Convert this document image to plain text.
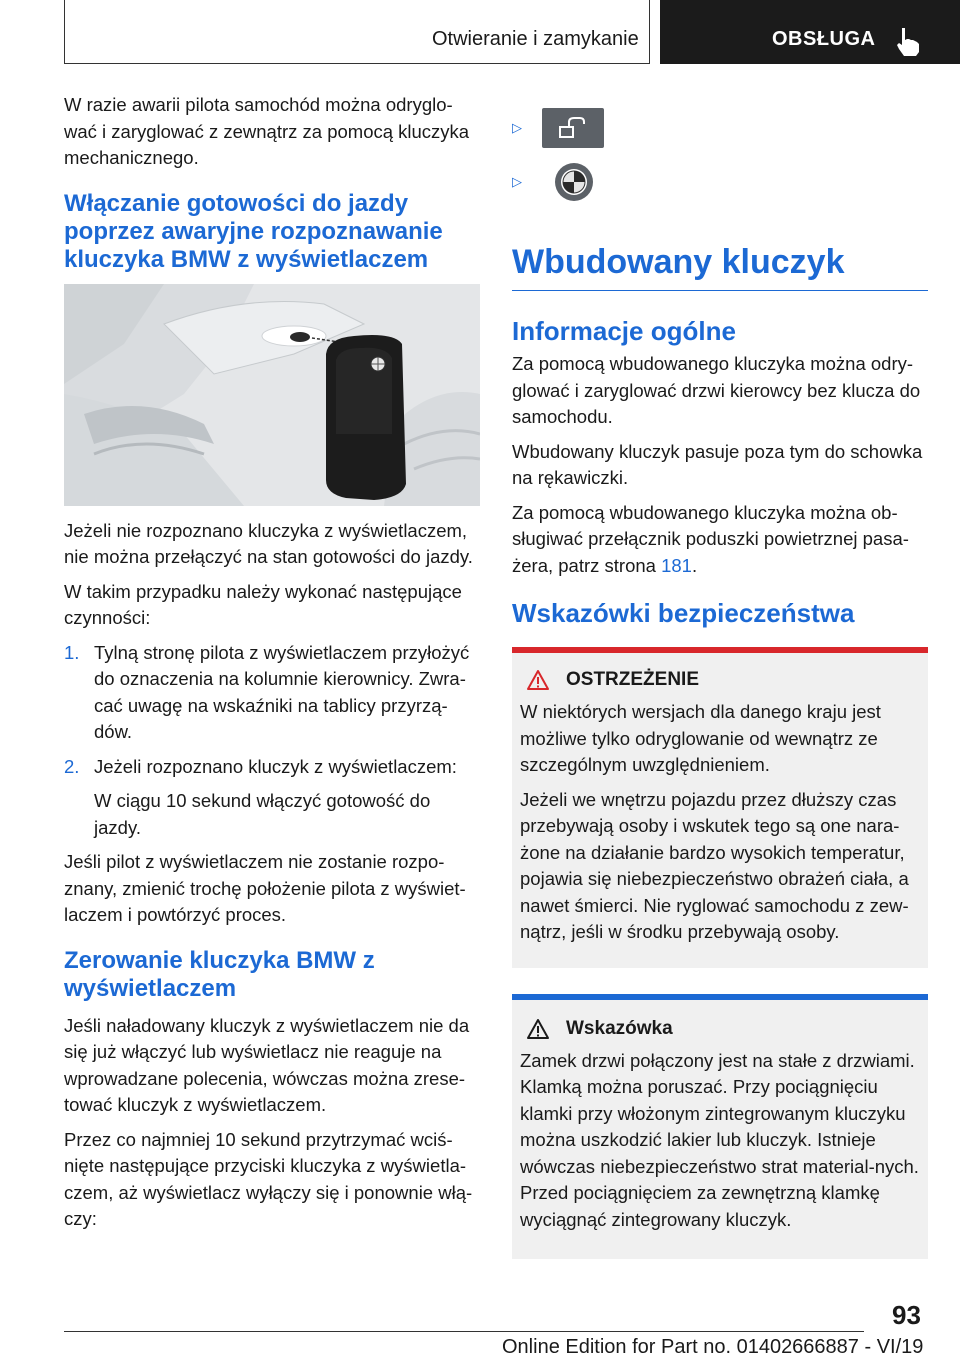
Otwieranie i zamykanie	OBSŁUGA

W razie awarii pilota samochód można odryglo-wać i zaryglować z zewnątrz za pomocą kluczyka mechanicznego.

Włączanie gotowości do jazdy poprzez awaryjne rozpoznawanie kluczyka BMW z wyświetlaczem

Jeżeli nie rozpoznano kluczyka z wyświetlaczem, nie można przełączyć na stan gotowości do jazdy.

W takim przypadku należy wykonać następujące czynności:

1. Tylną stronę pilota z wyświetlaczem przyłożyć do oznaczenia na kolumnie kierownicy. Zwra-cać uwagę na wskaźniki na tablicy przyrzą-dów.
2. Jeżeli rozpoznano kluczyk z wyświetlaczem:

W ciągu 10 sekund włączyć gotowość do jazdy.

Jeśli pilot z wyświetlaczem nie zostanie rozpo-znany, zmienić trochę położenie pilota z wyświet-laczem i powtórzyć proces.

Zerowanie kluczyka BMW z wyświetlaczem

Jeśli naładowany kluczyk z wyświetlaczem nie da się już włączyć lub wyświetlacz nie reaguje na wprowadzane polecenia, wówczas można zrese-tować kluczyk z wyświetlaczem.

Przez co najmniej 10 sekund przytrzymać wciś-nięte następujące przyciski kluczyka z wyświetla-czem, aż wyświetlacz wyłączy się i ponownie włą-czy:

▷
▷
Wbudowany kluczyk
Informacje ogólne

Za pomocą wbudowanego kluczyka można odry-glować i zaryglować drzwi kierowcy bez klucza do samochodu.

Wbudowany kluczyk pasuje poza tym do schowka na rękawiczki.

Za pomocą wbudowanego kluczyka można ob-sługiwać przełącznik poduszki powietrznej pasa-żera, patrz strona 181.

Wskazówki bezpieczeństwa
OSTRZEŻENIE

W niektórych wersjach dla danego kraju jest możliwe tylko odryglowanie od wewnątrz ze szczególnym uwzględnieniem.

Jeżeli we wnętrzu pojazdu przez dłuższy czas przebywają osoby i wskutek tego są one nara-żone na działanie bardzo wysokich temperatur, pojawia się niebezpieczeństwo obrażeń ciała, a nawet śmierci. Nie ryglować samochodu z zew-nątrz, jeśli w środku przebywają osoby.

Wskazówka

Zamek drzwi połączony jest na stałe z drzwiami. Klamką można poruszać. Przy pociągnięciu klamki przy włożonym zintegrowanym kluczyku można uszkodzić lakier lub kluczyk. Istnieje wówczas niebezpieczeństwo strat material-nych. Przed pociągnięciem za zewnętrzną klamkę wyciągnąć zintegrowany kluczyk.

93
Online Edition for Part no. 01402666887 - VI/19
